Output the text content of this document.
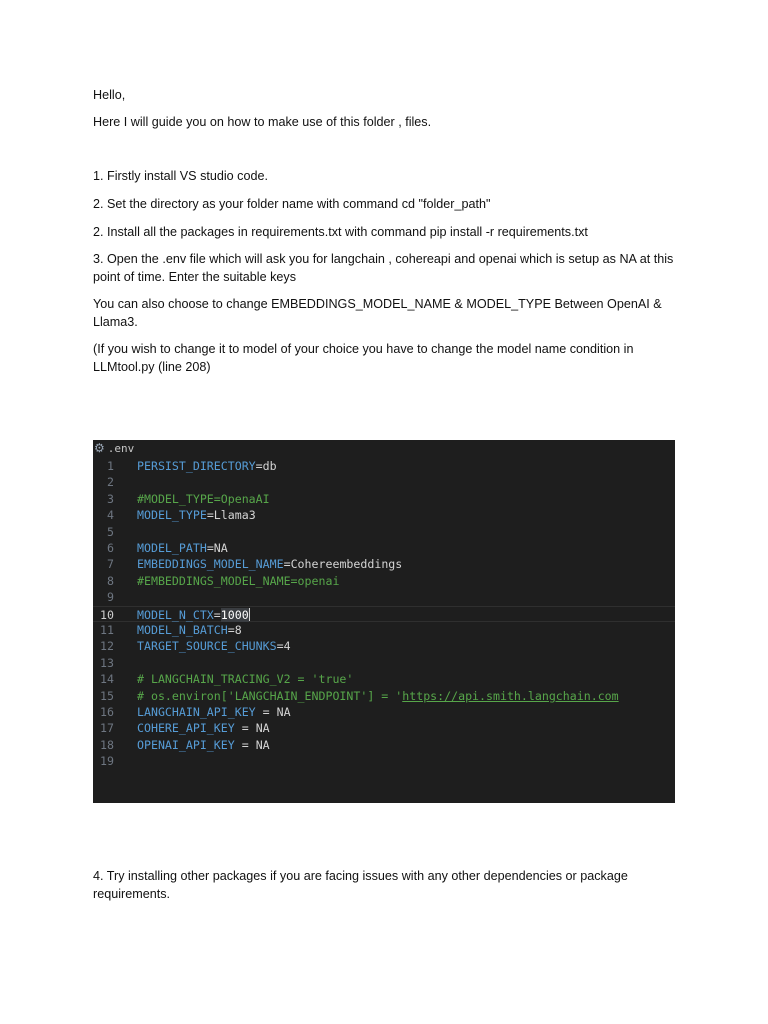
Hello,

Here I will guide you on how to make use of this folder , files.

1. Firstly install VS studio code.

2. Set the directory as your folder name with command cd "folder_path"

2. Install all the packages in requirements.txt with command pip install -r requirements.txt

3. Open the .env file which will ask you for langchain , cohereapi and openai which is setup as NA at this point of time. Enter the suitable keys

You can also choose to change EMBEDDINGS_MODEL_NAME & MODEL_TYPE Between OpenAI & Llama3.

(If you wish to change it to model of your choice you have to change the model name condition in LLMtool.py (line 208)

⚙ .env
1 PERSIST_DIRECTORY=db
2
3 #MODEL_TYPE=OpenaAI
4 MODEL_TYPE=Llama3
5
6 MODEL_PATH=NA
7 EMBEDDINGS_MODEL_NAME=Cohereembeddings
8 #EMBEDDINGS_MODEL_NAME=openai
9
10 MODEL_N_CTX=1000
11 MODEL_N_BATCH=8
12 TARGET_SOURCE_CHUNKS=4
13
14 # LANGCHAIN_TRACING_V2 = 'true'
15 # os.environ['LANGCHAIN_ENDPOINT'] = 'https://api.smith.langchain.com
16 LANGCHAIN_API_KEY = NA
17 COHERE_API_KEY = NA
18 OPENAI_API_KEY = NA
19

4. Try installing other packages if you are facing issues with any other dependencies or package requirements.
